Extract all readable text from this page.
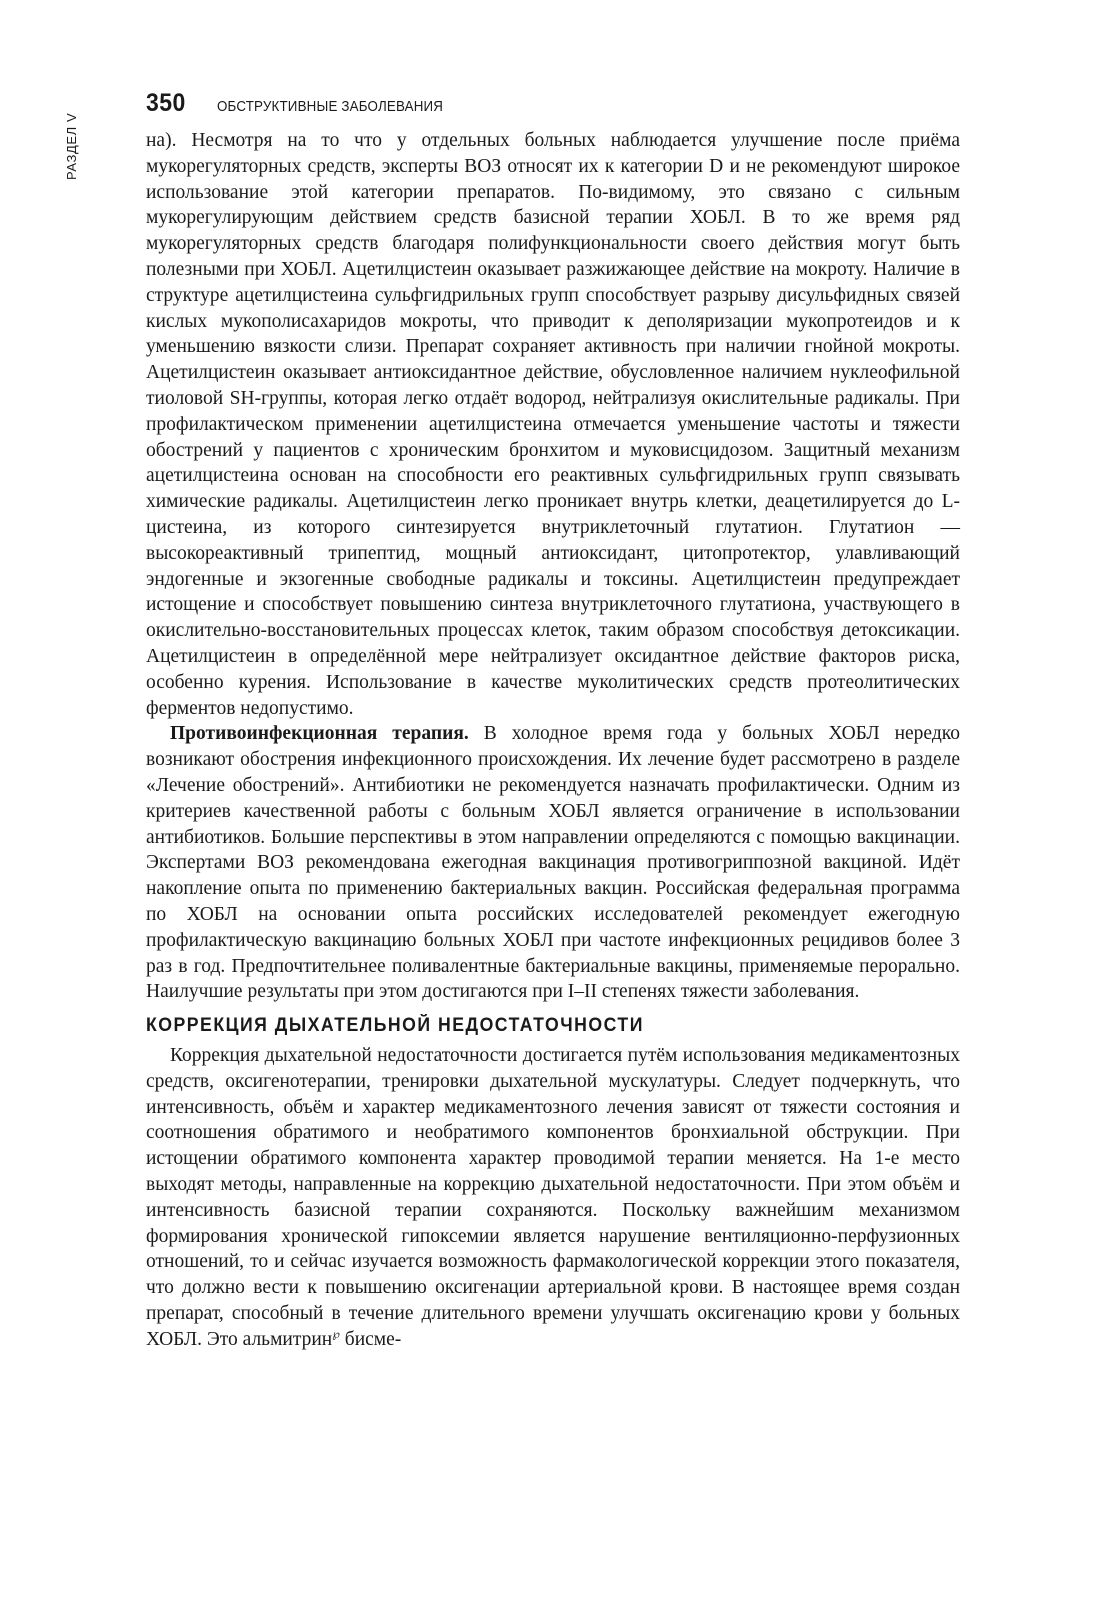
350 ОБСТРУКТИВНЫЕ ЗАБОЛЕВАНИЯ
РАЗДЕЛ V	на). Несмотря на то что у отдельных больных наблюдается улучшение после приёма мукорегуляторных средств, эксперты ВОЗ относят их к категории D и не рекомендуют широкое использование этой категории препаратов. По-видимому, это связано с сильным мукорегулирующим действием средств базисной терапии ХОБЛ. В то же время ряд мукорегуляторных средств благодаря полифункциональности своего действия могут быть полезными при ХОБЛ. Ацетилцистеин оказывает разжижающее действие на мокроту. Наличие в структуре ацетилцистеина сульфгидрильных групп способствует разрыву дисульфидных связей кислых мукополисахаридов мокроты, что приводит к деполяризации мукопротеидов и к уменьшению вязкости слизи. Препарат сохраняет активность при наличии гнойной мокроты. Ацетилцистеин оказывает антиоксидантное действие, обусловленное наличием нуклеофильной тиоловой SH-группы, которая легко отдаёт водород, нейтрализуя окислительные радикалы. При профилактическом применении ацетилцистеина отмечается уменьшение частоты и тяжести обострений у пациентов с хроническим бронхитом и муковисцидозом. Защитный механизм ацетилцистеина основан на способности его реактивных сульфгидрильных групп связывать химические радикалы. Ацетилцистеин легко проникает внутрь клетки, деацетилируется до L-цистеина, из которого синтезируется внутриклеточный глутатион. Глутатион — высокореактивный трипептид, мощный антиоксидант, цитопротектор, улавливающий эндогенные и экзогенные свободные радикалы и токсины. Ацетилцистеин предупреждает истощение и способствует повышению синтеза внутриклеточного глутатиона, участвующего в окислительно-восстановительных процессах клеток, таким образом способствуя детоксикации. Ацетилцистеин в определённой мере нейтрализует оксидантное действие факторов риска, особенно курения. Использование в качестве муколитических средств протеолитических ферментов недопустимо.

Противоинфекционная терапия. В холодное время года у больных ХОБЛ нередко возникают обострения инфекционного происхождения. Их лечение будет рассмотрено в разделе «Лечение обострений». Антибиотики не рекомендуется назначать профилактически. Одним из критериев качественной работы с больным ХОБЛ является ограничение в использовании антибиотиков. Большие перспективы в этом направлении определяются с помощью вакцинации. Экспертами ВОЗ рекомендована ежегодная вакцинация противогриппозной вакциной. Идёт накопление опыта по применению бактериальных вакцин. Российская федеральная программа по ХОБЛ на основании опыта российских исследователей рекомендует ежегодную профилактическую вакцинацию больных ХОБЛ при частоте инфекционных рецидивов более 3 раз в год. Предпочтительнее поливалентные бактериальные вакцины, применяемые перорально. Наилучшие результаты при этом достигаются при I–II степенях тяжести заболевания.

КОРРЕКЦИЯ ДЫХАТЕЛЬНОЙ НЕДОСТАТОЧНОСТИ

Коррекция дыхательной недостаточности достигается путём использования медикаментозных средств, оксигенотерапии, тренировки дыхательной мускулатуры. Следует подчеркнуть, что интенсивность, объём и характер медикаментозного лечения зависят от тяжести состояния и соотношения обратимого и необратимого компонентов бронхиальной обструкции. При истощении обратимого компонента характер проводимой терапии меняется. На 1-е место выходят методы, направленные на коррекцию дыхательной недостаточности. При этом объём и интенсивность базисной терапии сохраняются. Поскольку важнейшим механизмом формирования хронической гипоксемии является нарушение вентиляционно-перфузионных отношений, то и сейчас изучается возможность фармакологической коррекции этого показателя, что должно вести к повышению оксигенации артериальной крови. В настоящее время создан препарат, способный в течение длительного времени улучшать оксигенацию крови у больных ХОБЛ. Это альмитрин℘ бисме-
